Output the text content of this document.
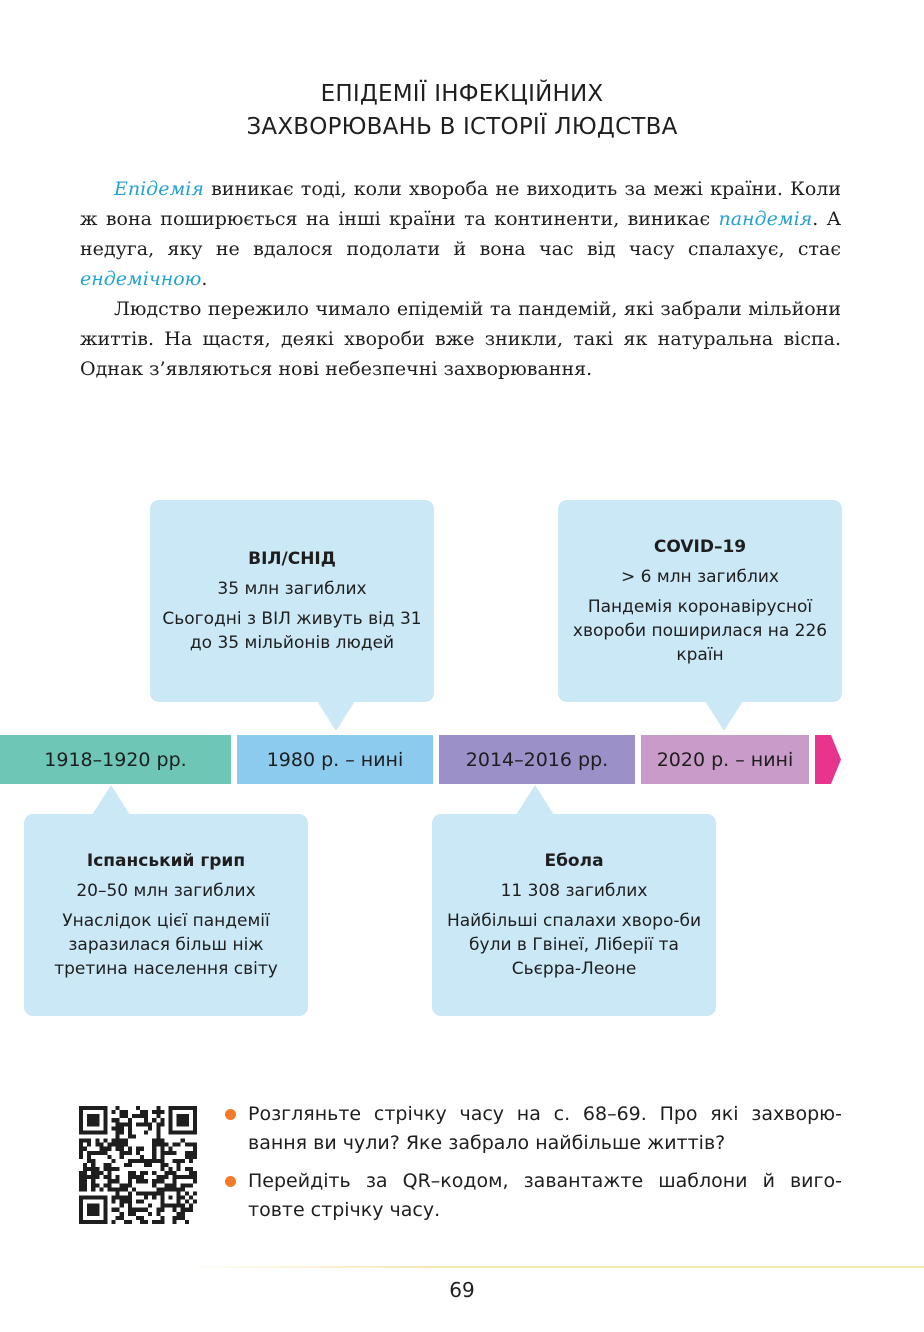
ЕПІДЕМІЇ ІНФЕКЦІЙНИХ
ЗАХВОРЮВАНЬ В ІСТОРІЇ ЛЮДСТВА

Епідемія виникає тоді, коли хвороба не виходить за межі країни. Коли ж вона поширюється на інші країни та континенти, виникає пандемія. А недуга, яку не вдалося подолати й вона час від часу спалахує, стає ендемічною.

Людство пережило чимало епідемій та пандемій, які забрали мільйони життів. На щастя, деякі хвороби вже зникли, такі як натуральна віспа. Однак з’являються нові небезпечні захворювання.

ВІЛ/СНІД
35 млн загиблих
Сьогодні з ВІЛ живуть від 31 до 35 мільйонів людей
COVID–19
> 6 млн загиблих
Пандемія коронавірусної хвороби поширилася на 226 країн
1918–1920 рр.	1980 р. – нині	2014–2016 рр.	2020 р. – нині
Іспанський грип
20–50 млн загиблих
Унаслідок цієї пандемії заразилася більш ніж третина населення світу
Ебола
11 308 загиблих
Найбільші спалахи хворо-би були в Гвінеї, Ліберії та Сьєрра-Леоне
Розгляньте стрічку часу на с. 68–69. Про які захворю-вання ви чули? Яке забрало найбільше життів?
Перейдіть за QR–кодом, завантажте шаблони й виго-товте стрічку часу.
69
